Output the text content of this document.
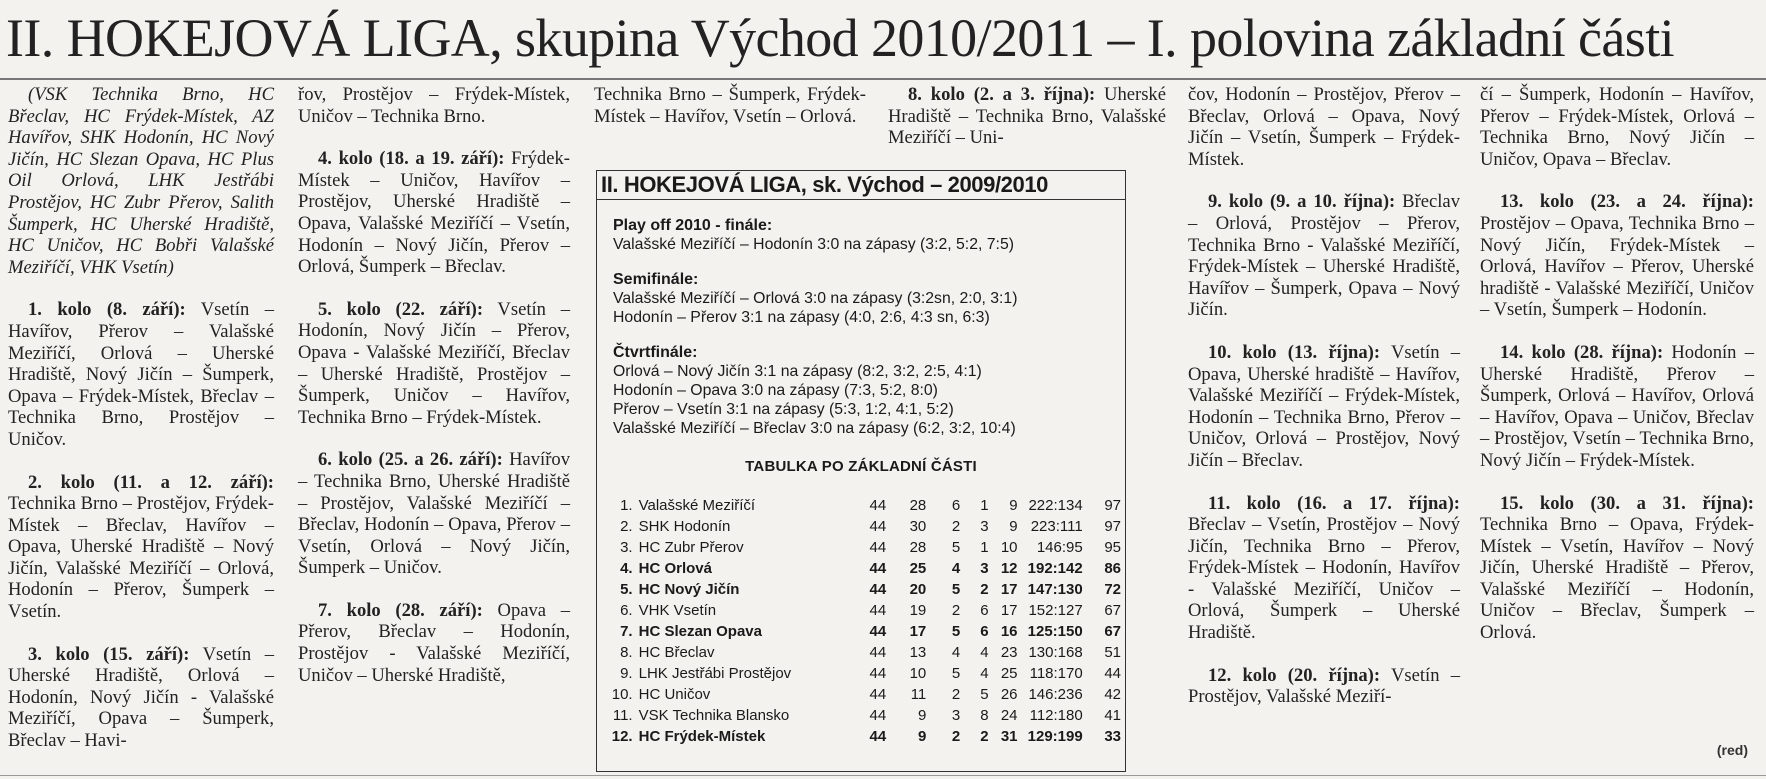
II. HOKEJOVÁ LIGA, skupina Východ 2010/2011 – I. polovina základní části

(VSK Technika Brno, HC Břeclav, HC Frýdek-Místek, AZ Havířov, SHK Hodonín, HC Nový Jičín, HC Slezan Opava, HC Plus Oil Orlová, LHK Jestřábi Prostějov, HC Zubr Přerov, Salith Šumperk, HC Uherské Hradiště, HC Uničov, HC Bobři Valašské Meziříčí, VHK Vsetín)

1. kolo (8. září): Vsetín – Havířov, Přerov – Valašské Meziříčí, Orlová – Uherské Hradiště, Nový Jičín – Šumperk, Opava – Frýdek-Místek, Břeclav – Technika Brno, Prostějov – Uničov.

2. kolo (11. a 12. září): Technika Brno – Prostějov, Frýdek-Místek – Břeclav, Havířov – Opava, Uherské Hradiště – Nový Jičín, Valašské Meziříčí – Orlová, Hodonín – Přerov, Šumperk – Vsetín.

3. kolo (15. září): Vsetín – Uherské Hradiště, Orlová – Hodonín, Nový Jičín - Valašské Meziříčí, Opava – Šumperk, Břeclav – Havi-

řov, Prostějov – Frýdek-Místek, Uničov – Technika Brno.

4. kolo (18. a 19. září): Frýdek-Místek – Uničov, Havířov – Prostějov, Uherské Hradiště – Opava, Valašské Meziříčí – Vsetín, Hodonín – Nový Jičín, Přerov – Orlová, Šumperk – Břeclav.

5. kolo (22. září): Vsetín – Hodonín, Nový Jičín – Přerov, Opava - Valašské Meziříčí, Břeclav – Uherské Hradiště, Prostějov – Šumperk, Uničov – Havířov, Technika Brno – Frýdek-Místek.

6. kolo (25. a 26. září): Havířov – Technika Brno, Uherské Hradiště – Prostějov, Valašské Meziříčí – Břeclav, Hodonín – Opava, Přerov – Vsetín, Orlová – Nový Jičín, Šumperk – Uničov.

7. kolo (28. září): Opava – Přerov, Břeclav – Hodonín, Prostějov - Valašské Meziříčí, Uničov – Uherské Hradiště,

Technika Brno – Šumperk, Frýdek-Místek – Havířov, Vsetín – Orlová.

8. kolo (2. a 3. října): Uherské Hradiště – Technika Brno, Valašské Meziříčí – Uni-

čov, Hodonín – Prostějov, Přerov – Břeclav, Orlová – Opava, Nový Jičín – Vsetín, Šumperk – Frýdek-Místek.

9. kolo (9. a 10. října): Břeclav – Orlová, Prostějov – Přerov, Technika Brno - Valašské Meziříčí, Frýdek-Místek – Uherské Hradiště, Havířov – Šumperk, Opava – Nový Jičín.

10. kolo (13. října): Vsetín – Opava, Uherské hradiště – Havířov, Valašské Meziříčí – Frýdek-Místek, Hodonín – Technika Brno, Přerov – Uničov, Orlová – Prostějov, Nový Jičín – Břeclav.

11. kolo (16. a 17. října): Břeclav – Vsetín, Prostějov – Nový Jičín, Technika Brno – Přerov, Frýdek-Místek – Hodonín, Havířov - Valašské Meziříčí, Uničov – Orlová, Šumperk – Uherské Hradiště.

12. kolo (20. října): Vsetín – Prostějov, Valašské Meziří-

čí – Šumperk, Hodonín – Havířov, Přerov – Frýdek-Místek, Orlová – Technika Brno, Nový Jičín – Uničov, Opava – Břeclav.

13. kolo (23. a 24. října): Prostějov – Opava, Technika Brno – Nový Jičín, Frýdek-Místek – Orlová, Havířov – Přerov, Uherské hradiště - Valašské Meziříčí, Uničov – Vsetín, Šumperk – Hodonín.

14. kolo (28. října): Hodonín – Uherské Hradiště, Přerov – Šumperk, Orlová – Havířov, Orlová – Havířov, Opava – Uničov, Břeclav – Prostějov, Vsetín – Technika Brno, Nový Jičín – Frýdek-Místek.

15. kolo (30. a 31. října): Technika Brno – Opava, Frýdek-Místek – Vsetín, Havířov – Nový Jičín, Uherské Hradiště – Přerov, Valašské Meziříčí – Hodonín, Uničov – Břeclav, Šumperk – Orlová.

(red)
II. HOKEJOVÁ LIGA, sk. Východ – 2009/2010
Play off 2010 - finále:
Valašské Meziříčí – Hodonín 3:0 na zápasy (3:2, 5:2, 7:5)
Semifinále:
Valašské Meziříčí – Orlová 3:0 na zápasy (3:2sn, 2:0, 3:1)
Hodonín – Přerov 3:1 na zápasy (4:0, 2:6, 4:3 sn, 6:3)
Čtvrtfinále:
Orlová – Nový Jičín 3:1 na zápasy (8:2, 3:2, 2:5, 4:1)
Hodonín – Opava 3:0 na zápasy (7:3, 5:2, 8:0)
Přerov – Vsetín 3:1 na zápasy (5:3, 1:2, 4:1, 5:2)
Valašské Meziříčí – Břeclav 3:0 na zápasy (6:2, 3:2, 10:4)
TABULKA PO ZÁKLADNÍ ČÁSTI
1.	Valašské Meziříčí	44	28	6	1	9	222:134	97
2.	SHK Hodonín	44	30	2	3	9	223:111	97
3.	HC Zubr Přerov	44	28	5	1	10	146:95	95
4.	HC Orlová	44	25	4	3	12	192:142	86
5.	HC Nový Jičín	44	20	5	2	17	147:130	72
6.	VHK Vsetín	44	19	2	6	17	152:127	67
7.	HC Slezan Opava	44	17	5	6	16	125:150	67
8.	HC Břeclav	44	13	4	4	23	130:168	51
9.	LHK Jestřábi Prostějov	44	10	5	4	25	118:170	44
10.	HC Uničov	44	11	2	5	26	146:236	42
11.	VSK Technika Blansko	44	9	3	8	24	112:180	41
12.	HC Frýdek-Místek	44	9	2	2	31	129:199	33
